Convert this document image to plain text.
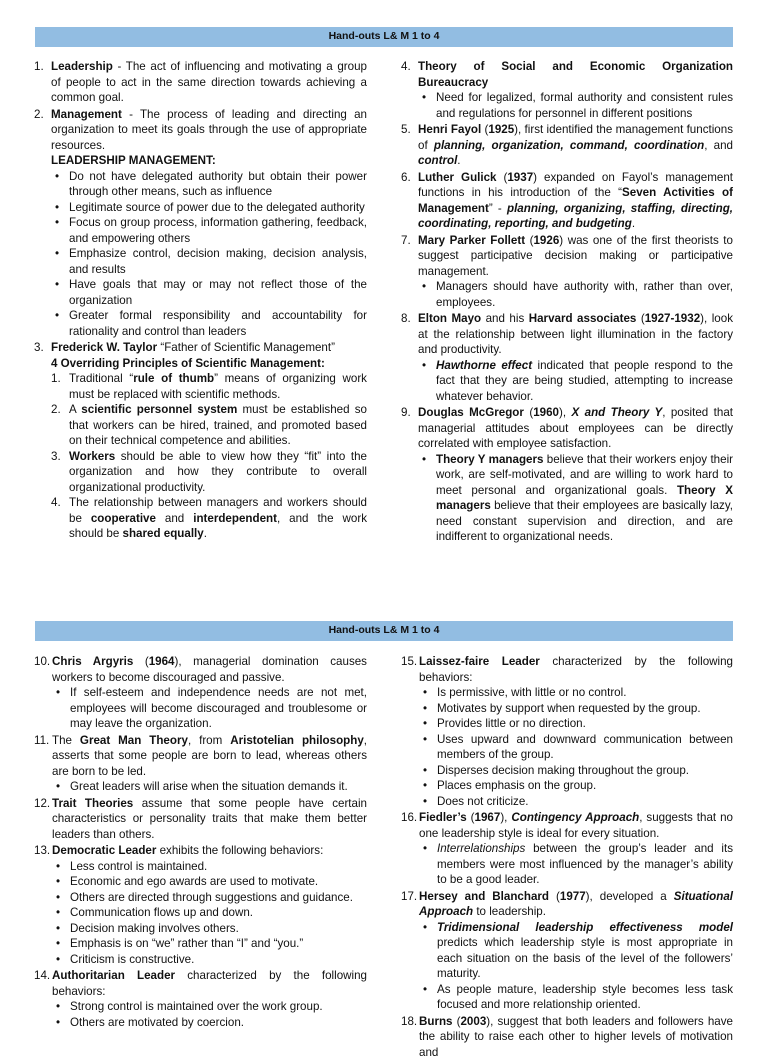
Hand-outs L& M 1 to 4
1. Leadership - The act of influencing and motivating a group of people to act in the same direction towards achieving a common goal.
2. Management - The process of leading and directing an organization to meet its goals through the use of appropriate resources.
LEADERSHIP MANAGEMENT:
• Do not have delegated authority but obtain their power through other means, such as influence
• Legitimate source of power due to the delegated authority
• Focus on group process, information gathering, feedback, and empowering others
• Emphasize control, decision making, decision analysis, and results
• Have goals that may or may not reflect those of the organization
• Greater formal responsibility and accountability for rationality and control than leaders
3. Frederick W. Taylor “Father of Scientific Management”
4 Overriding Principles of Scientific Management:
1. Traditional “rule of thumb” means of organizing work must be replaced with scientific methods.
2. A scientific personnel system must be established so that workers can be hired, trained, and promoted based on their technical competence and abilities.
3. Workers should be able to view how they “fit” into the organization and how they contribute to overall organizational productivity.
4. The relationship between managers and workers should be cooperative and interdependent, and the work should be shared equally.
4. Theory of Social and Economic Organization Bureaucracy
• Need for legalized, formal authority and consistent rules and regulations for personnel in different positions
5. Henri Fayol (1925), first identified the management functions of planning, organization, command, coordination, and control.
6. Luther Gulick (1937) expanded on Fayol’s management functions in his introduction of the “Seven Activities of Management” - planning, organizing, staffing, directing, coordinating, reporting, and budgeting.
7. Mary Parker Follett (1926) was one of the first theorists to suggest participative decision making or participative management.
• Managers should have authority with, rather than over, employees.
8. Elton Mayo and his Harvard associates (1927-1932), look at the relationship between light illumination in the factory and productivity.
• Hawthorne effect indicated that people respond to the fact that they are being studied, attempting to increase whatever behavior.
9. Douglas McGregor (1960), X and Theory Y, posited that managerial attitudes about employees can be directly correlated with employee satisfaction.
• Theory Y managers believe that their workers enjoy their work, are self-motivated, and are willing to work hard to meet personal and organizational goals. Theory X managers believe that their employees are basically lazy, need constant supervision and direction, and are indifferent to organizational needs.
Hand-outs L& M 1 to 4
10. Chris Argyris (1964), managerial domination causes workers to become discouraged and passive.
• If self-esteem and independence needs are not met, employees will become discouraged and troublesome or may leave the organization.
11. The Great Man Theory, from Aristotelian philosophy, asserts that some people are born to lead, whereas others are born to be led.
• Great leaders will arise when the situation demands it.
12. Trait Theories assume that some people have certain characteristics or personality traits that make them better leaders than others.
13. Democratic Leader exhibits the following behaviors:
• Less control is maintained.
• Economic and ego awards are used to motivate.
• Others are directed through suggestions and guidance.
• Communication flows up and down.
• Decision making involves others.
• Emphasis is on “we” rather than “I” and “you.”
• Criticism is constructive.
14. Authoritarian Leader characterized by the following behaviors:
• Strong control is maintained over the work group.
• Others are motivated by coercion.
15. Laissez-faire Leader characterized by the following behaviors:
• Is permissive, with little or no control.
• Motivates by support when requested by the group.
• Provides little or no direction.
• Uses upward and downward communication between members of the group.
• Disperses decision making throughout the group.
• Places emphasis on the group.
• Does not criticize.
16. Fiedler’s (1967), Contingency Approach, suggests that no one leadership style is ideal for every situation.
• Interrelationships between the group’s leader and its members were most influenced by the manager’s ability to be a good leader.
17. Hersey and Blanchard (1977), developed a Situational Approach to leadership.
• Tridimensional leadership effectiveness model predicts which leadership style is most appropriate in each situation on the basis of the level of the followers’ maturity.
• As people mature, leadership style becomes less task focused and more relationship oriented.
18. Burns (2003), suggest that both leaders and followers have the ability to raise each other to higher levels of motivation and
